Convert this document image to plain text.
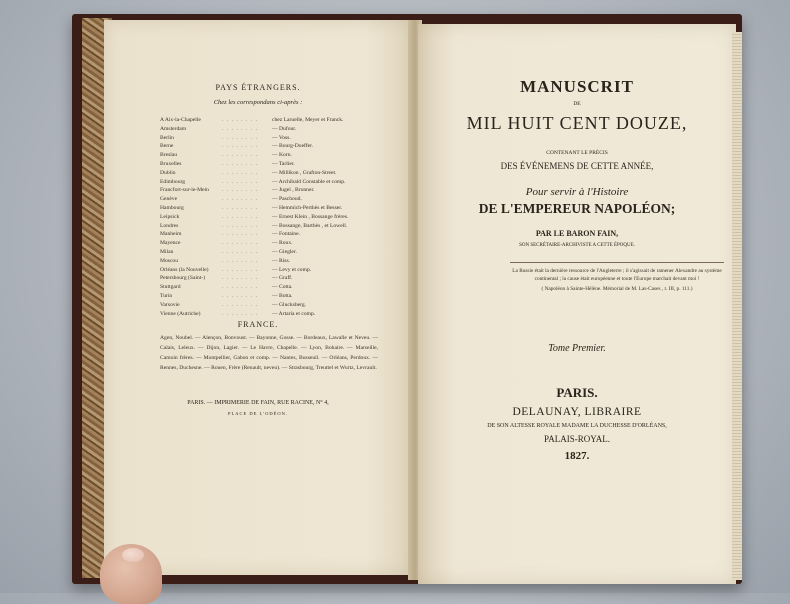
PAYS ÉTRANGERS.
Chez les correspondans ci-après :
A Aix-la-Chapelle	. . . . . . . .	chez Laruelle, Meyer et Franck.
Amsterdam	. . . . . . . .	— Dufour.
Berlin	. . . . . . . .	— Voss.
Berne	. . . . . . . .	— Bourg-Doeffer.
Breslau	. . . . . . . .	— Korn.
Bruxelles	. . . . . . . .	— Tarlier.
Dublin	. . . . . . . .	— Millikon , Grafton-Street.
Edimbourg	. . . . . . . .	— Archibald Constable et comp.
Francfort-sur-le-Mein . . . . . . . .	— Jugel , Bronner.
Genève	. . . . . . . .	— Paschoud.
Hambourg	. . . . . . . .	— Hemmich-Perthès et Besser.
Leipsick	. . . . . . . .	— Ernest Klein , Bossange frères.
Londres	. . . . . . . .	— Bossange, Barthès , et Lowell.
Manheim	. . . . . . . .	— Fontaine.
Mayence	. . . . . . . .	— Roux.
Milan	. . . . . . . .	— Giegler.
Moscou	. . . . . . . .	— Riss.
Orléans (la Nouvelle) . . . . . . . .	— Levy et comp.
Petersbourg (Saint-)	. . . . . . . .	— Graff.
Stuttgard	. . . . . . . .	— Cotta.
Turin	. . . . . . . .	— Botta.
Varsovie	. . . . . . . .	— Glucksberg.
Vienne (Autriche)	. . . . . . . .	— Artaria et comp.
FRANCE.
Agen, Noubel. — Alençon, Bonvoust. — Bayonne, Gosse. — Bordeaux, Lawalle et Neveu. — Calais, Leleux. — Dijon, Lagier. — Le Havre, Chapelle. — Lyon, Bohaire. — Marseille, Camoin frères. — Montpellier, Gabon et comp. — Nantes, Busseuil. — Orléans, Perdoux. — Rennes, Duchesne. — Rouen, Frère (Renault, neveu). — Strasbourg, Treuttel et Wurtz, Levrault.
PARIS. — IMPRIMERIE DE FAIN, RUE RACINE, N° 4,
PLACE DE L'ODÉON.
MANUSCRIT
DE
MIL HUIT CENT DOUZE,
CONTENANT LE PRÉCIS
DES ÉVÉNEMENS DE CETTE ANNÉE,
Pour servir à l'Histoire
DE L'EMPEREUR NAPOLÉON;
PAR LE BARON FAIN,
SON SECRÉTAIRE-ARCHIVISTE A CETTE ÉPOQUE.
La Russie était la dernière ressource de l'Angleterre ; il s'agissait de ramener Alexandre au système continental ; la cause était européenne et toute l'Europe marchait devant moi !
( Napoléon à Sainte-Hélène. Mémorial de M. Las-Cases , t. III, p. 111.)
Tome Premier.
PARIS.
DELAUNAY, LIBRAIRE
DE SON ALTESSE ROYALE MADAME LA DUCHESSE D'ORLÉANS,
PALAIS-ROYAL.
1827.
